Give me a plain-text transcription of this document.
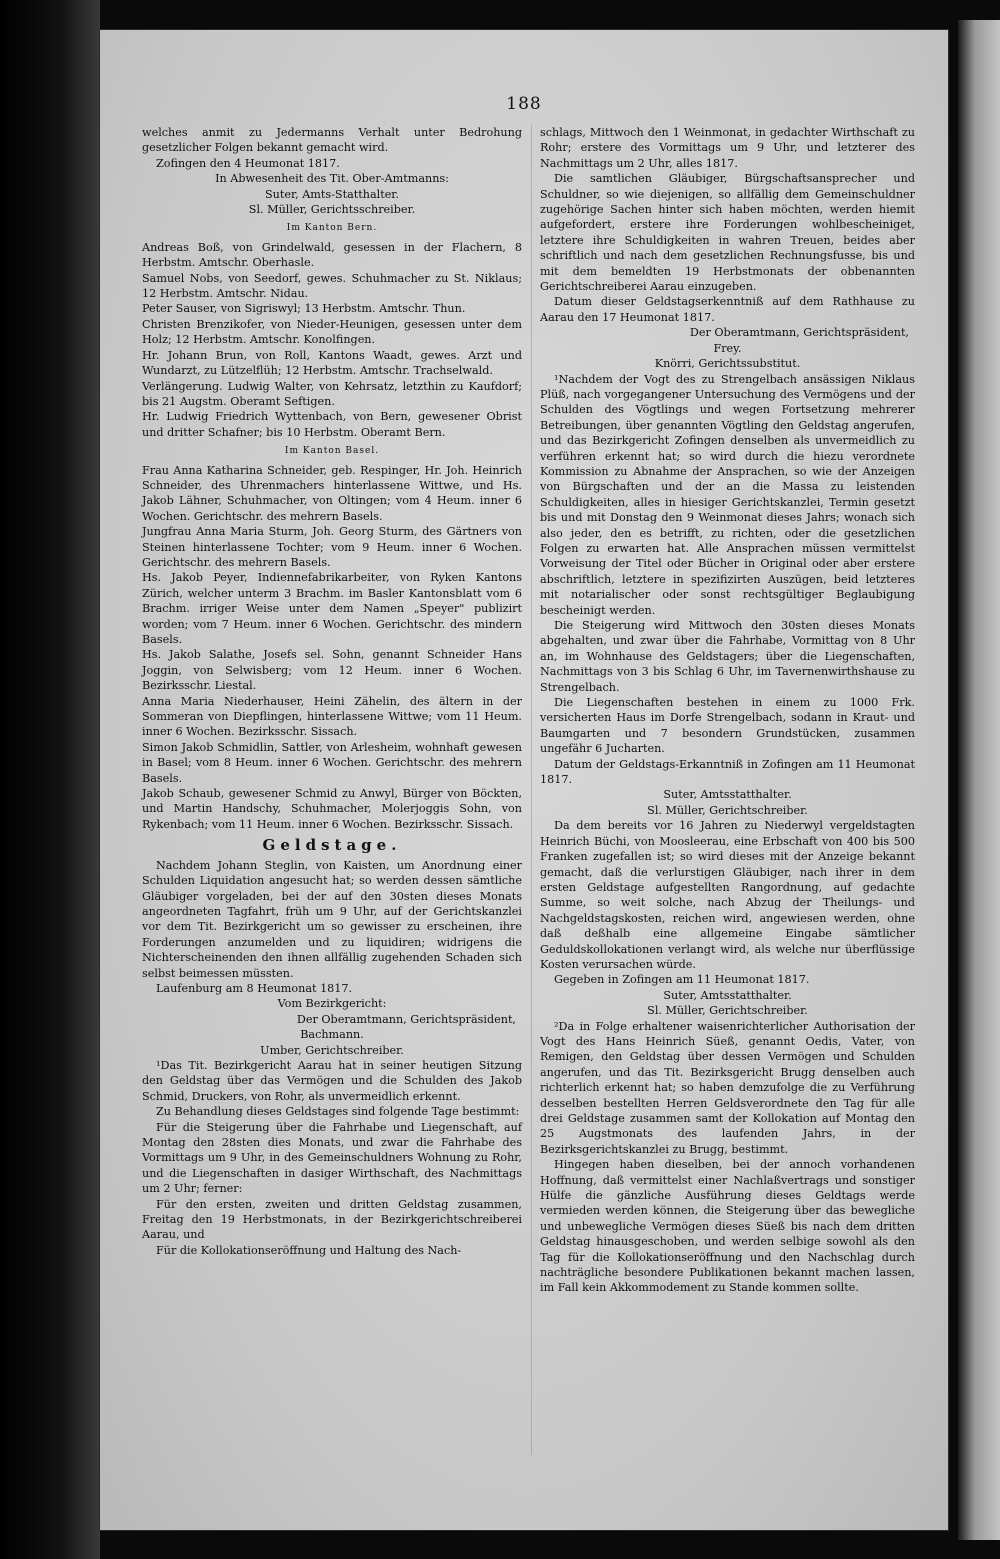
188

welches anmit zu Jedermanns Verhalt unter Bedrohung gesetzlicher Folgen bekannt gemacht wird.

Zofingen den 4 Heumonat 1817.

In Abwesenheit des Tit. Ober-Amtmanns:

Suter, Amts-Statthalter.

Sl. Müller, Gerichtsschreiber.

Im Kanton Bern.

Andreas Boß, von Grindelwald, gesessen in der Flachern, 8 Herbstm. Amtschr. Oberhasle.

Samuel Nobs, von Seedorf, gewes. Schuhmacher zu St. Niklaus; 12 Herbstm. Amtschr. Nidau.

Peter Sauser, von Sigriswyl; 13 Herbstm. Amtschr. Thun.

Christen Brenzikofer, von Nieder-Heunigen, gesessen unter dem Holz; 12 Herbstm. Amtschr. Konolfingen.

Hr. Johann Brun, von Roll, Kantons Waadt, gewes. Arzt und Wundarzt, zu Lützelflüh; 12 Herbstm. Amtschr. Trachselwald.

Verlängerung. Ludwig Walter, von Kehrsatz, letzthin zu Kaufdorf; bis 21 Augstm. Oberamt Seftigen.

Hr. Ludwig Friedrich Wyttenbach, von Bern, gewesener Obrist und dritter Schafner; bis 10 Herbstm. Oberamt Bern.

Im Kanton Basel.

Frau Anna Katharina Schneider, geb. Respinger, Hr. Joh. Heinrich Schneider, des Uhrenmachers hinterlassene Wittwe, und Hs. Jakob Lähner, Schuhmacher, von Oltingen; vom 4 Heum. inner 6 Wochen. Gerichtschr. des mehrern Basels.

Jungfrau Anna Maria Sturm, Joh. Georg Sturm, des Gärtners von Steinen hinterlassene Tochter; vom 9 Heum. inner 6 Wochen. Gerichtschr. des mehrern Basels.

Hs. Jakob Peyer, Indiennefabrikarbeiter, von Ryken Kantons Zürich, welcher unterm 3 Brachm. im Basler Kantonsblatt vom 6 Brachm. irriger Weise unter dem Namen „Speyer" publizirt worden; vom 7 Heum. inner 6 Wochen. Gerichtschr. des mindern Basels.

Hs. Jakob Salathe, Josefs sel. Sohn, genannt Schneider Hans Joggin, von Selwisberg; vom 12 Heum. inner 6 Wochen. Bezirksschr. Liestal.

Anna Maria Niederhauser, Heini Zähelin, des ältern in der Sommeran von Diepflingen, hinterlassene Wittwe; vom 11 Heum. inner 6 Wochen. Bezirksschr. Sissach.

Simon Jakob Schmidlin, Sattler, von Arlesheim, wohnhaft gewesen in Basel; vom 8 Heum. inner 6 Wochen. Gerichtschr. des mehrern Basels.

Jakob Schaub, gewesener Schmid zu Anwyl, Bürger von Böckten, und Martin Handschy, Schuhmacher, Molerjoggis Sohn, von Rykenbach; vom 11 Heum. inner 6 Wochen. Bezirksschr. Sissach.

Geldstage.

Nachdem Johann Steglin, von Kaisten, um Anordnung einer Schulden Liquidation angesucht hat; so werden dessen sämtliche Gläubiger vorgeladen, bei der auf den 30sten dieses Monats angeordneten Tagfahrt, früh um 9 Uhr, auf der Gerichtskanzlei vor dem Tit. Bezirkgericht um so gewisser zu erscheinen, ihre Forderungen anzumelden und zu liquidiren; widrigens die Nichterscheinenden den ihnen allfällig zugehenden Schaden sich selbst beimessen müssten.

Laufenburg am 8 Heumonat 1817.

Vom Bezirkgericht:

Der Oberamtmann, Gerichtspräsident,

Bachmann.

Umber, Gerichtschreiber.

¹Das Tit. Bezirkgericht Aarau hat in seiner heutigen Sitzung den Geldstag über das Vermögen und die Schulden des Jakob Schmid, Druckers, von Rohr, als unvermeidlich erkennt.

Zu Behandlung dieses Geldstages sind folgende Tage bestimmt:

Für die Steigerung über die Fahrhabe und Liegenschaft, auf Montag den 28sten dies Monats, und zwar die Fahrhabe des Vormittags um 9 Uhr, in des Gemeinschuldners Wohnung zu Rohr, und die Liegenschaften in dasiger Wirthschaft, des Nachmittags um 2 Uhr; ferner:

Für den ersten, zweiten und dritten Geldstag zusammen, Freitag den 19 Herbstmonats, in der Bezirkgerichtschreiberei Aarau, und

Für die Kollokationseröffnung und Haltung des Nach-

schlags, Mittwoch den 1 Weinmonat, in gedachter Wirthschaft zu Rohr; erstere des Vormittags um 9 Uhr, und letzterer des Nachmittags um 2 Uhr, alles 1817.

Die samtlichen Gläubiger, Bürgschaftsansprecher und Schuldner, so wie diejenigen, so allfällig dem Gemeinschuldner zugehörige Sachen hinter sich haben möchten, werden hiemit aufgefordert, erstere ihre Forderungen wohlbescheiniget, letztere ihre Schuldigkeiten in wahren Treuen, beides aber schriftlich und nach dem gesetzlichen Rechnungsfusse, bis und mit dem bemeldten 19 Herbstmonats der obbenannten Gerichtschreiberei Aarau einzugeben.

Datum dieser Geldstagserkenntniß auf dem Rathhause zu Aarau den 17 Heumonat 1817.

Der Oberamtmann, Gerichtspräsident,

Frey.

Knörri, Gerichtssubstitut.

¹Nachdem der Vogt des zu Strengelbach ansässigen Niklaus Plüß, nach vorgegangener Untersuchung des Vermögens und der Schulden des Vögtlings und wegen Fortsetzung mehrerer Betreibungen, über genannten Vögtling den Geldstag angerufen, und das Bezirkgericht Zofingen denselben als unvermeidlich zu verführen erkennt hat; so wird durch die hiezu verordnete Kommission zu Abnahme der Ansprachen, so wie der Anzeigen von Bürgschaften und der an die Massa zu leistenden Schuldigkeiten, alles in hiesiger Gerichtskanzlei, Termin gesetzt bis und mit Donstag den 9 Weinmonat dieses Jahrs; wonach sich also jeder, den es betrifft, zu richten, oder die gesetzlichen Folgen zu erwarten hat. Alle Ansprachen müssen vermittelst Vorweisung der Titel oder Bücher in Original oder aber erstere abschriftlich, letztere in spezifizirten Auszügen, beid letzteres mit notarialischer oder sonst rechtsgültiger Beglaubigung bescheinigt werden.

Die Steigerung wird Mittwoch den 30sten dieses Monats abgehalten, und zwar über die Fahrhabe, Vormittag von 8 Uhr an, im Wohnhause des Geldstagers; über die Liegenschaften, Nachmittags von 3 bis Schlag 6 Uhr, im Tavernenwirthshause zu Strengelbach.

Die Liegenschaften bestehen in einem zu 1000 Frk. versicherten Haus im Dorfe Strengelbach, sodann in Kraut- und Baumgarten und 7 besondern Grundstücken, zusammen ungefähr 6 Jucharten.

Datum der Geldstags-Erkanntniß in Zofingen am 11 Heumonat 1817.

Suter, Amtsstatthalter.

Sl. Müller, Gerichtschreiber.

Da dem bereits vor 16 Jahren zu Niederwyl vergeldstagten Heinrich Büchi, von Moosleerau, eine Erbschaft von 400 bis 500 Franken zugefallen ist; so wird dieses mit der Anzeige bekannt gemacht, daß die verlurstigen Gläubiger, nach ihrer in dem ersten Geldstage aufgestellten Rangordnung, auf gedachte Summe, so weit solche, nach Abzug der Theilungs- und Nachgeldstagskosten, reichen wird, angewiesen werden, ohne daß deßhalb eine allgemeine Eingabe sämtlicher Geduldskollokationen verlangt wird, als welche nur überflüssige Kosten verursachen würde.

Gegeben in Zofingen am 11 Heumonat 1817.

Suter, Amtsstatthalter.

Sl. Müller, Gerichtschreiber.

²Da in Folge erhaltener waisenrichterlicher Authorisation der Vogt des Hans Heinrich Süeß, genannt Oedis, Vater, von Remigen, den Geldstag über dessen Vermögen und Schulden angerufen, und das Tit. Bezirksgericht Brugg denselben auch richterlich erkennt hat; so haben demzufolge die zu Verführung desselben bestellten Herren Geldsverordnete den Tag für alle drei Geldstage zusammen samt der Kollokation auf Montag den 25 Augstmonats des laufenden Jahrs, in der Bezirksgerichtskanzlei zu Brugg, bestimmt.

Hingegen haben dieselben, bei der annoch vorhandenen Hoffnung, daß vermittelst einer Nachlaßvertrags und sonstiger Hülfe die gänzliche Ausführung dieses Geldtags werde vermieden werden können, die Steigerung über das bewegliche und unbewegliche Vermögen dieses Süeß bis nach dem dritten Geldstag hinausgeschoben, und werden selbige sowohl als den Tag für die Kollokationseröffnung und den Nachschlag durch nachträgliche besondere Publikationen bekannt machen lassen, im Fall kein Akkommodement zu Stande kommen sollte.
